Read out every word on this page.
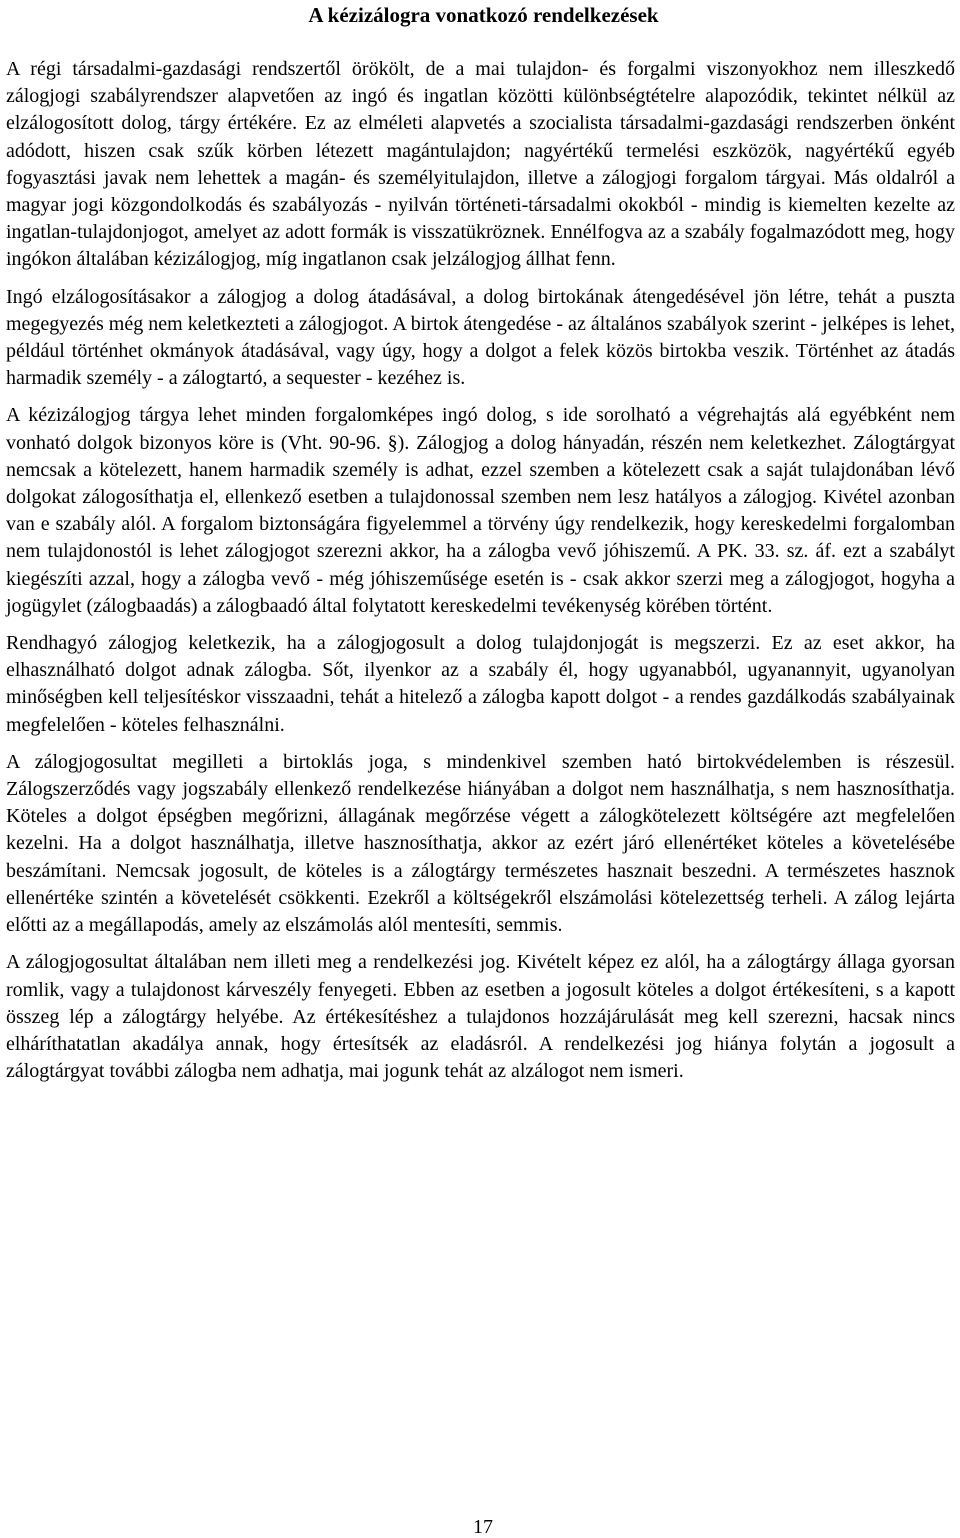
A kézizálogra vonatkozó rendelkezések

A régi társadalmi-gazdasági rendszertől örökölt, de a mai tulajdon- és forgalmi viszonyokhoz nem illeszkedő zálogjogi szabályrendszer alapvetően az ingó és ingatlan közötti különbségtételre alapozódik, tekintet nélkül az elzálogosított dolog, tárgy értékére. Ez az elméleti alapvetés a szocialista társadalmi-gazdasági rendszerben önként adódott, hiszen csak szűk körben létezett magántulajdon; nagyértékű termelési eszközök, nagyértékű egyéb fogyasztási javak nem lehettek a magán- és személyitulajdon, illetve a zálogjogi forgalom tárgyai. Más oldalról a magyar jogi közgondolkodás és szabályozás - nyilván történeti-társadalmi okokból - mindig is kiemelten kezelte az ingatlan-tulajdonjogot, amelyet az adott formák is visszatükröznek. Ennélfogva az a szabály fogalmazódott meg, hogy ingókon általában kézizálogjog, míg ingatlanon csak jelzálogjog állhat fenn.

Ingó elzálogosításakor a zálogjog a dolog átadásával, a dolog birtokának átengedésével jön létre, tehát a puszta megegyezés még nem keletkezteti a zálogjogot. A birtok átengedése - az általános szabályok szerint - jelképes is lehet, például történhet okmányok átadásával, vagy úgy, hogy a dolgot a felek közös birtokba veszik. Történhet az átadás harmadik személy - a zálogtartó, a sequester - kezéhez is.

A kézizálogjog tárgya lehet minden forgalomképes ingó dolog, s ide sorolható a végrehajtás alá egyébként nem vonható dolgok bizonyos köre is (Vht. 90-96. §). Zálogjog a dolog hányadán, részén nem keletkezhet. Zálogtárgyat nemcsak a kötelezett, hanem harmadik személy is adhat, ezzel szemben a kötelezett csak a saját tulajdonában lévő dolgokat zálogosíthatja el, ellenkező esetben a tulajdonossal szemben nem lesz hatályos a zálogjog. Kivétel azonban van e szabály alól. A forgalom biztonságára figyelemmel a törvény úgy rendelkezik, hogy kereskedelmi forgalomban nem tulajdonostól is lehet zálogjogot szerezni akkor, ha a zálogba vevő jóhiszemű. A PK. 33. sz. áf. ezt a szabályt kiegészíti azzal, hogy a zálogba vevő - még jóhiszeműsége esetén is - csak akkor szerzi meg a zálogjogot, hogyha a jogügylet (zálogbaadás) a zálogbaadó által folytatott kereskedelmi tevékenység körében történt.

Rendhagyó zálogjog keletkezik, ha a zálogjogosult a dolog tulajdonjogát is megszerzi. Ez az eset akkor, ha elhasználható dolgot adnak zálogba. Sőt, ilyenkor az a szabály él, hogy ugyanabból, ugyanannyit, ugyanolyan minőségben kell teljesítéskor visszaadni, tehát a hitelező a zálogba kapott dolgot - a rendes gazdálkodás szabályainak megfelelően - köteles felhasználni.

A zálogjogosultat megilleti a birtoklás joga, s mindenkivel szemben ható birtokvédelemben is részesül. Zálogszerződés vagy jogszabály ellenkező rendelkezése hiányában a dolgot nem használhatja, s nem hasznosíthatja. Köteles a dolgot épségben megőrizni, állagának megőrzése végett a zálogkötelezett költségére azt megfelelően kezelni. Ha a dolgot használhatja, illetve hasznosíthatja, akkor az ezért járó ellenértéket köteles a követelésébe beszámítani. Nemcsak jogosult, de köteles is a zálogtárgy természetes hasznait beszedni. A természetes hasznok ellenértéke szintén a követelését csökkenti. Ezekről a költségekről elszámolási kötelezettség terheli. A zálog lejárta előtti az a megállapodás, amely az elszámolás alól mentesíti, semmis.

A zálogjogosultat általában nem illeti meg a rendelkezési jog. Kivételt képez ez alól, ha a zálogtárgy állaga gyorsan romlik, vagy a tulajdonost kárveszély fenyegeti. Ebben az esetben a jogosult köteles a dolgot értékesíteni, s a kapott összeg lép a zálogtárgy helyébe. Az értékesítéshez a tulajdonos hozzájárulását meg kell szerezni, hacsak nincs elháríthatatlan akadálya annak, hogy értesítsék az eladásról. A rendelkezési jog hiánya folytán a jogosult a zálogtárgyat további zálogba nem adhatja, mai jogunk tehát az alzálogot nem ismeri.

17
